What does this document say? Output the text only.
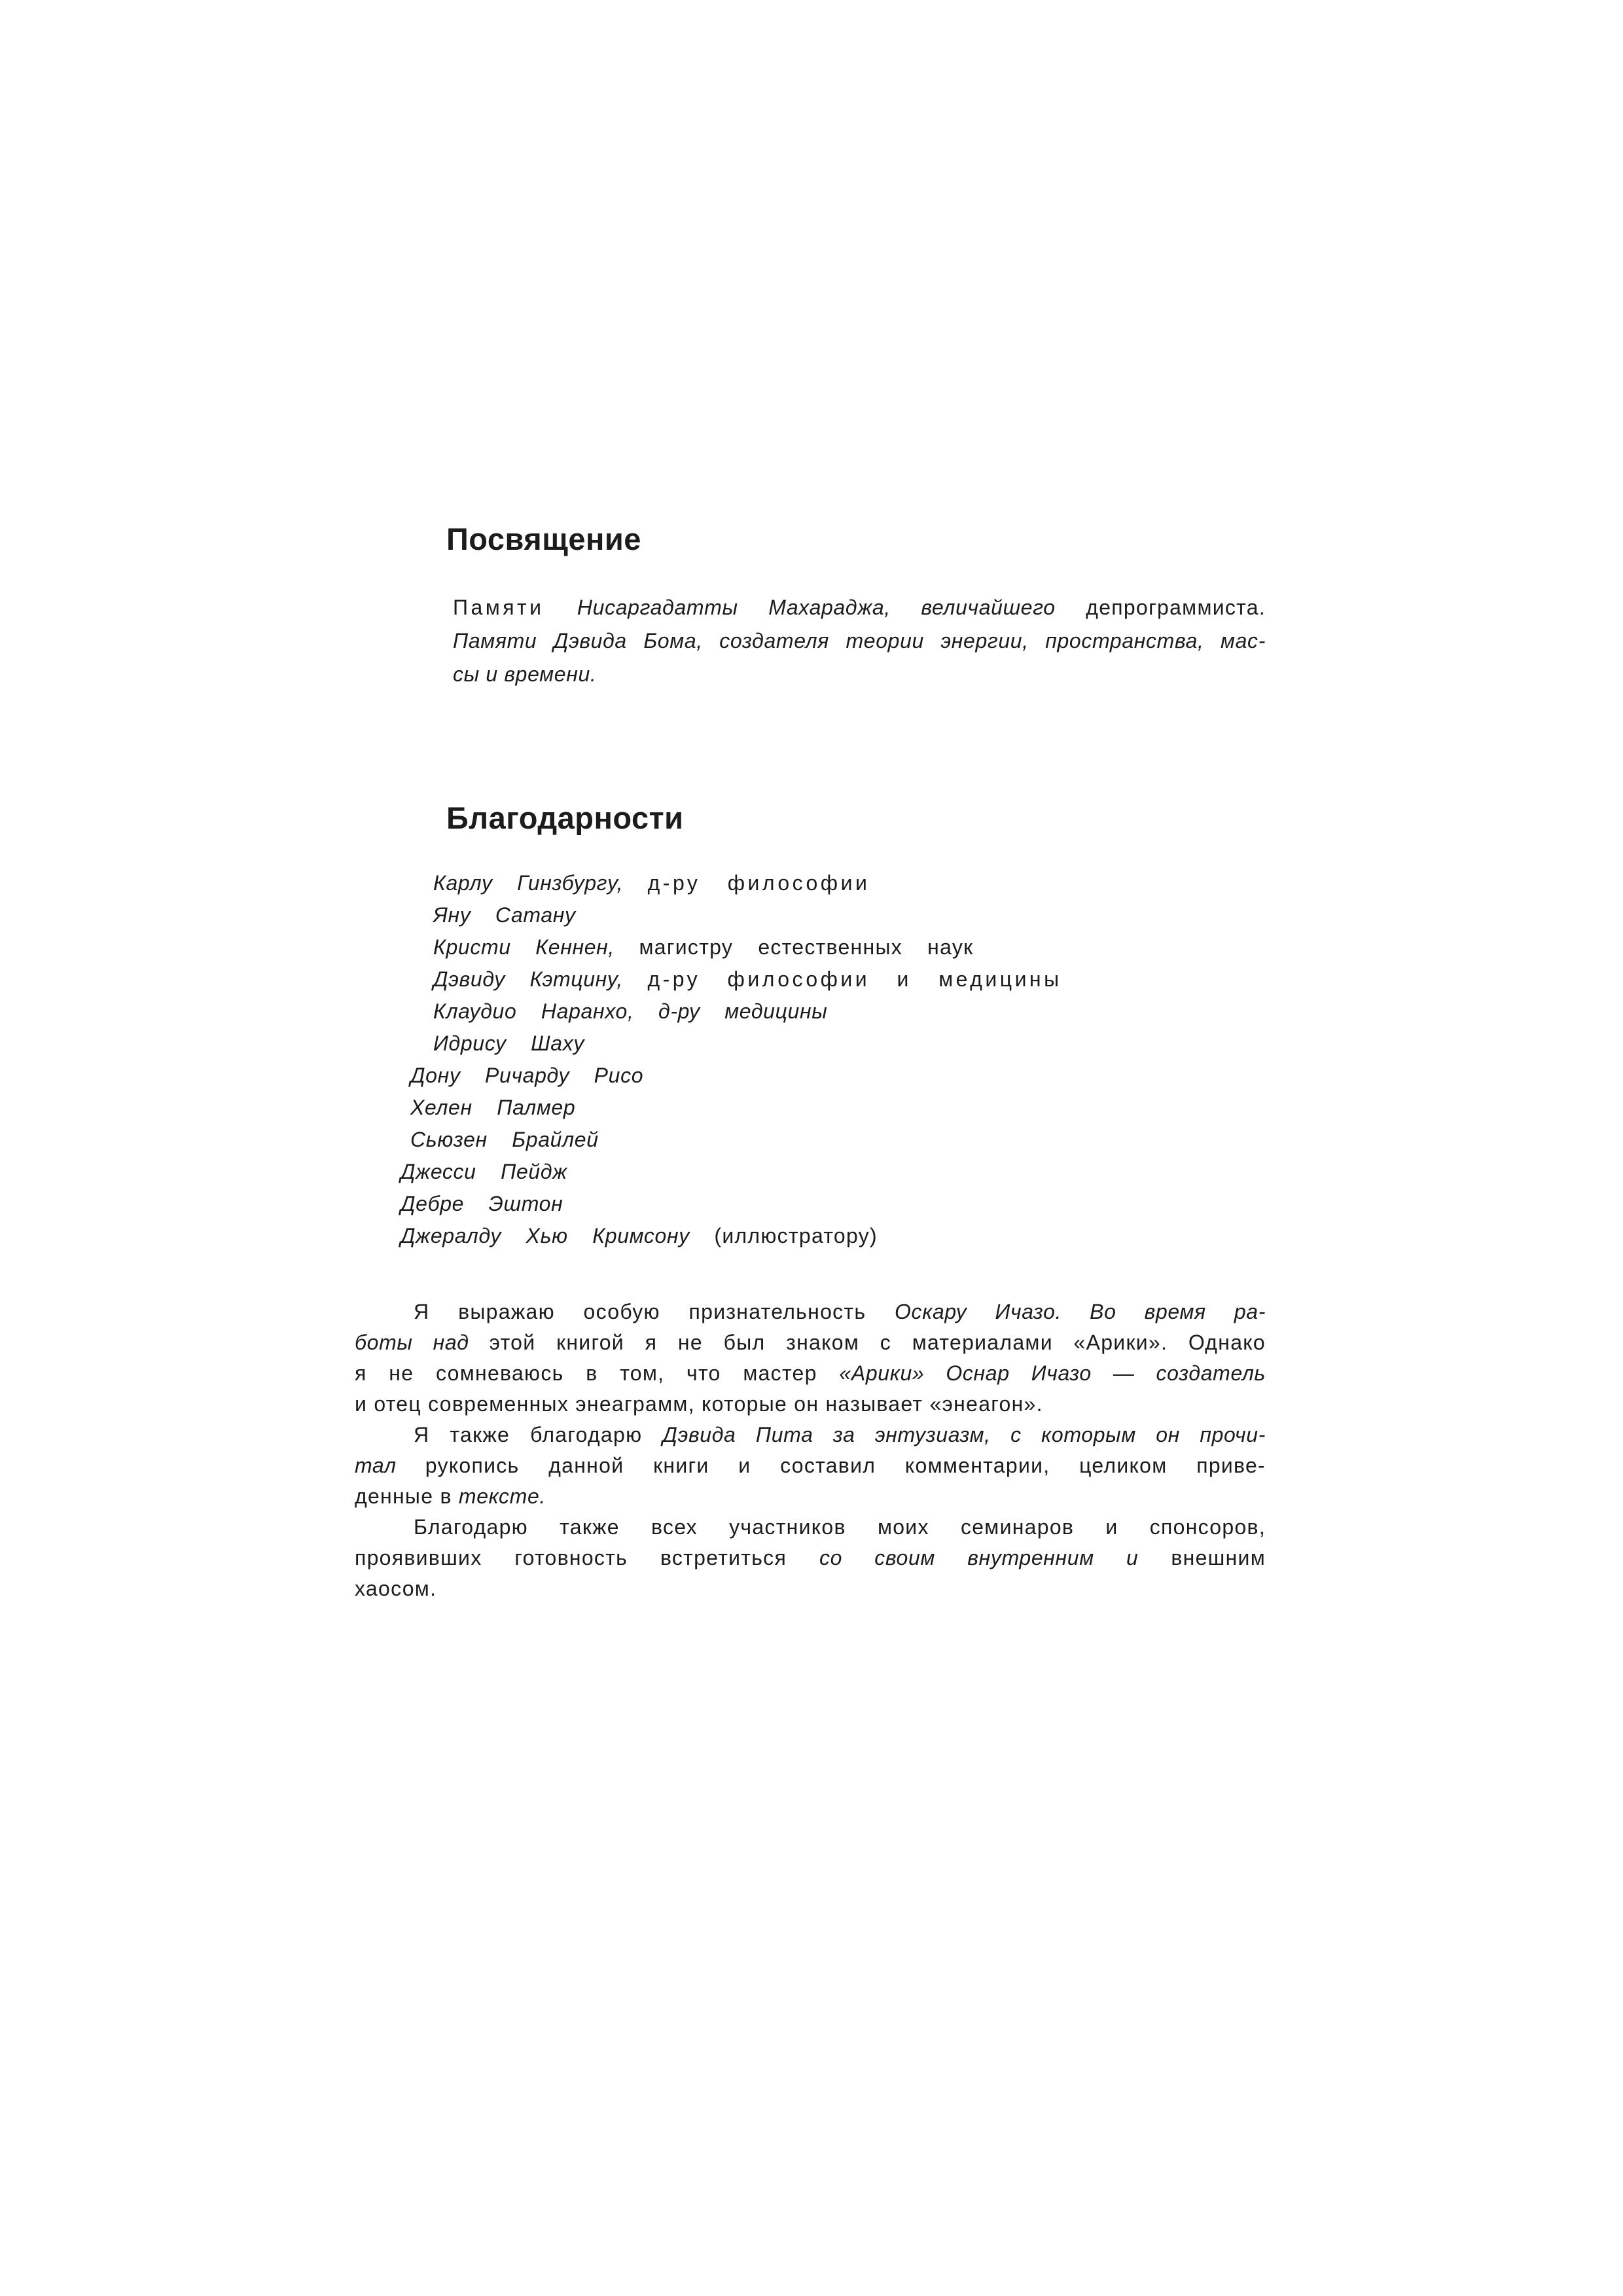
Посвящение
Памяти Нисаргадатты Махараджа, величайшего депрограммиста.
Памяти Дэвида Бома, создателя теории энергии, пространства, мас-
сы и времени.
Благодарности
Карлу Гинзбургу, д-ру философии
Яну Сатану
Кристи Кеннен, магистру естественных наук
Дэвиду Кэтцину, д-ру философии и медицины
Клаудио Наранхо, д-ру медицины
Идрису Шаху
Дону Ричарду Рисо
Хелен Палмер
Сьюзен Брайлей
Джесси Пейдж
Дебре Эштон
Джералду Хью Кримсону (иллюстратору)
Я выражаю особую признательность Оскару Ичазо. Во время ра-
боты над этой книгой я не был знаком с материалами «Арики». Однако
я не сомневаюсь в том, что мастер «Арики» Оснар Ичазо — создатель
и отец современных энеаграмм, которые он называет «энеагон».
Я также благодарю Дэвида Пита за энтузиазм, с которым он прочи-
тал рукопись данной книги и составил комментарии, целиком приве-
денные в тексте.
Благодарю также всех участников моих семинаров и спонсоров,
проявивших готовность встретиться со своим внутренним и внешним
хаосом.
